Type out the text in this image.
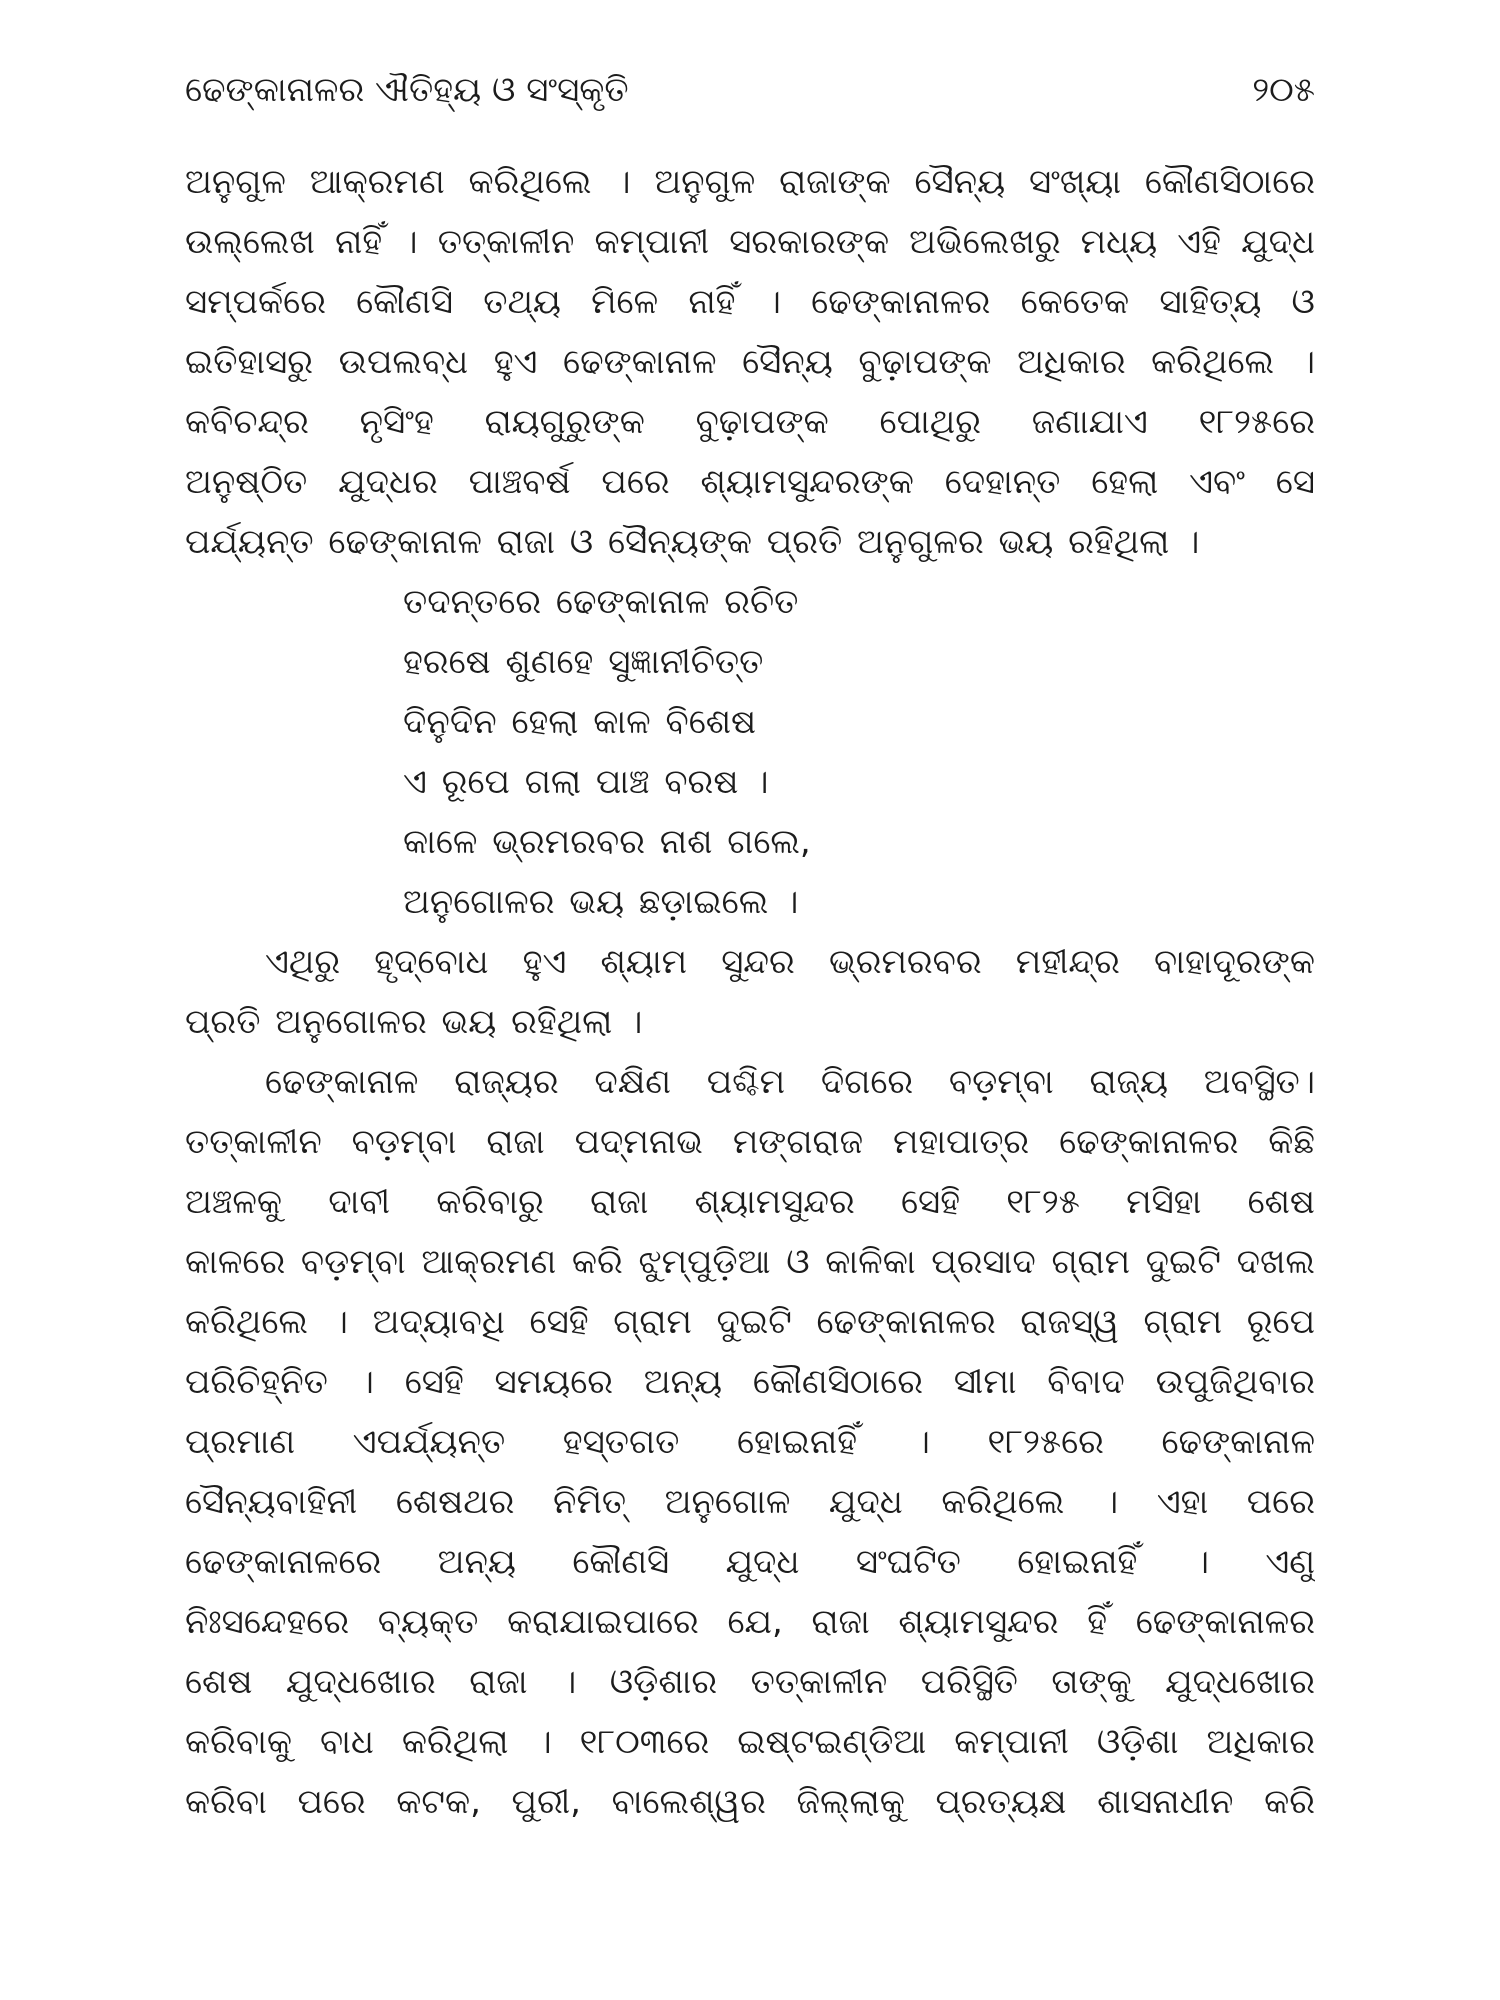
ଢେଙ୍କାନାଳର ଐତିହ୍ୟ ଓ ସଂସ୍କୃତି	୨୦୫
ଅନୁଗୁଳ ଆକ୍ରମଣ କରିଥିଲେ । ଅନୁଗୁଳ ରାଜାଙ୍କ ସୈନ୍ୟ ସଂଖ୍ୟା କୌଣସିଠାରେ
ଉଲ୍ଲେଖ ନାହିଁ । ତତ୍‌କାଳୀନ କମ୍ପାନୀ ସରକାରଙ୍କ ଅଭିଲେଖରୁ ମଧ୍ୟ ଏହି ଯୁଦ୍ଧ
ସମ୍ପର୍କରେ କୌଣସି ତଥ୍ୟ ମିଳେ ନାହିଁ । ଢେଙ୍କାନାଳର କେତେକ ସାହିତ୍ୟ ଓ
ଇତିହାସରୁ ଉପଲବ୍ଧ ହୁଏ ଢେଙ୍କାନାଳ ସୈନ୍ୟ ବୁଢ଼ାପଙ୍କ ଅଧିକାର କରିଥିଲେ ।
କବିଚନ୍ଦ୍ର ନୃସିଂହ ରାୟଗୁରୁଙ୍କ ବୁଢ଼ାପଙ୍କ ପୋଥିରୁ ଜଣାଯାଏ ୧୮୨୫ରେ
ଅନୁଷ୍ଠିତ ଯୁଦ୍ଧର ପାଞ୍ଚବର୍ଷ ପରେ ଶ୍ୟାମସୁନ୍ଦରଙ୍କ ଦେହାନ୍ତ ହେଲା ଏବଂ ସେ
ପର୍ଯ୍ୟନ୍ତ ଢେଙ୍କାନାଳ ରାଜା ଓ ସୈନ୍ୟଙ୍କ ପ୍ରତି ଅନୁଗୁଳର ଭୟ ରହିଥିଲା ।
ତଦନ୍ତରେ ଢେଙ୍କାନାଳ ରଚିତ
ହରଷେ ଶୁଣହେ ସୁଜ୍ଞାନୀଚିତ୍ତ
ଦିନୁଦିନ ହେଲା କାଳ ବିଶେଷ
ଏ ରୂପେ ଗଲା ପାଞ୍ଚ ବରଷ ।
କାଳେ ଭ୍ରମରବର ନାଶ ଗଲେ,
ଅନୁଗୋଳର ଭୟ ଛଡ଼ାଇଲେ ।
ଏଥିରୁ ହୃଦ୍‌ବୋଧ ହୁଏ ଶ୍ୟାମ ସୁନ୍ଦର ଭ୍ରମରବର ମହୀନ୍ଦ୍ର ବାହାଦୂରଙ୍କ
ପ୍ରତି ଅନୁଗୋଳର ଭୟ ରହିଥିଲା ।
ଢେଙ୍କାନାଳ ରାଜ୍ୟର ଦକ୍ଷିଣ ପଶ୍ଚିମ ଦିଗରେ ବଡ଼ମ୍ବା ରାଜ୍ୟ ଅବସ୍ଥିତ।
ତତ୍‌କାଳୀନ ବଡ଼ମ୍ବା ରାଜା ପଦ୍ମନାଭ ମଙ୍ଗରାଜ ମହାପାତ୍ର ଢେଙ୍କାନାଳର କିଛି
ଅଞ୍ଚଳକୁ ଦାବୀ କରିବାରୁ ରାଜା ଶ୍ୟାମସୁନ୍ଦର ସେହି ୧୮୨୫ ମସିହା ଶେଷ
କାଳରେ ବଡ଼ମ୍ବା ଆକ୍ରମଣ କରି ଝୁମ୍ପୁଡ଼ିଆ ଓ କାଳିକା ପ୍ରସାଦ ଗ୍ରାମ ଦୁଇଟି ଦଖଲ
କରିଥିଲେ । ଅଦ୍ୟାବଧି ସେହି ଗ୍ରାମ ଦୁଇଟି ଢେଙ୍କାନାଳର ରାଜସ୍ୱ ଗ୍ରାମ ରୂପେ
ପରିଚିହ୍ନିତ । ସେହି ସମୟରେ ଅନ୍ୟ କୌଣସିଠାରେ ସୀମା ବିବାଦ ଉପୁଜିଥିବାର
ପ୍ରମାଣ ଏପର୍ଯ୍ୟନ୍ତ ହସ୍ତଗତ ହୋଇନାହିଁ । ୧୮୨୫ରେ ଢେଙ୍କାନାଳ
ସୈନ୍ୟବାହିନୀ ଶେଷଥର ନିମିତ୍ ଅନୁଗୋଳ ଯୁଦ୍ଧ କରିଥିଲେ । ଏହା ପରେ
ଢେଙ୍କାନାଳରେ ଅନ୍ୟ କୌଣସି ଯୁଦ୍ଧ ସଂଘଟିତ ହୋଇନାହିଁ । ଏଣୁ
ନିଃସନ୍ଦେହରେ ବ୍ୟକ୍ତ କରାଯାଇପାରେ ଯେ, ରାଜା ଶ୍ୟାମସୁନ୍ଦର ହିଁ ଢେଙ୍କାନାଳର
ଶେଷ ଯୁଦ୍ଧଖୋର ରାଜା । ଓଡ଼ିଶାର ତତ୍କାଳୀନ ପରିସ୍ଥିତି ତାଙ୍କୁ ଯୁଦ୍ଧଖୋର
କରିବାକୁ ବାଧ କରିଥିଲା । ୧୮୦୩ରେ ଇଷ୍ଟଇଣ୍ଡିଆ କମ୍ପାନୀ ଓଡ଼ିଶା ଅଧିକାର
କରିବା ପରେ କଟକ, ପୁରୀ, ବାଲେଶ୍ୱର ଜିଲ୍ଲାକୁ ପ୍ରତ୍ୟକ୍ଷ ଶାସନାଧୀନ କରି
